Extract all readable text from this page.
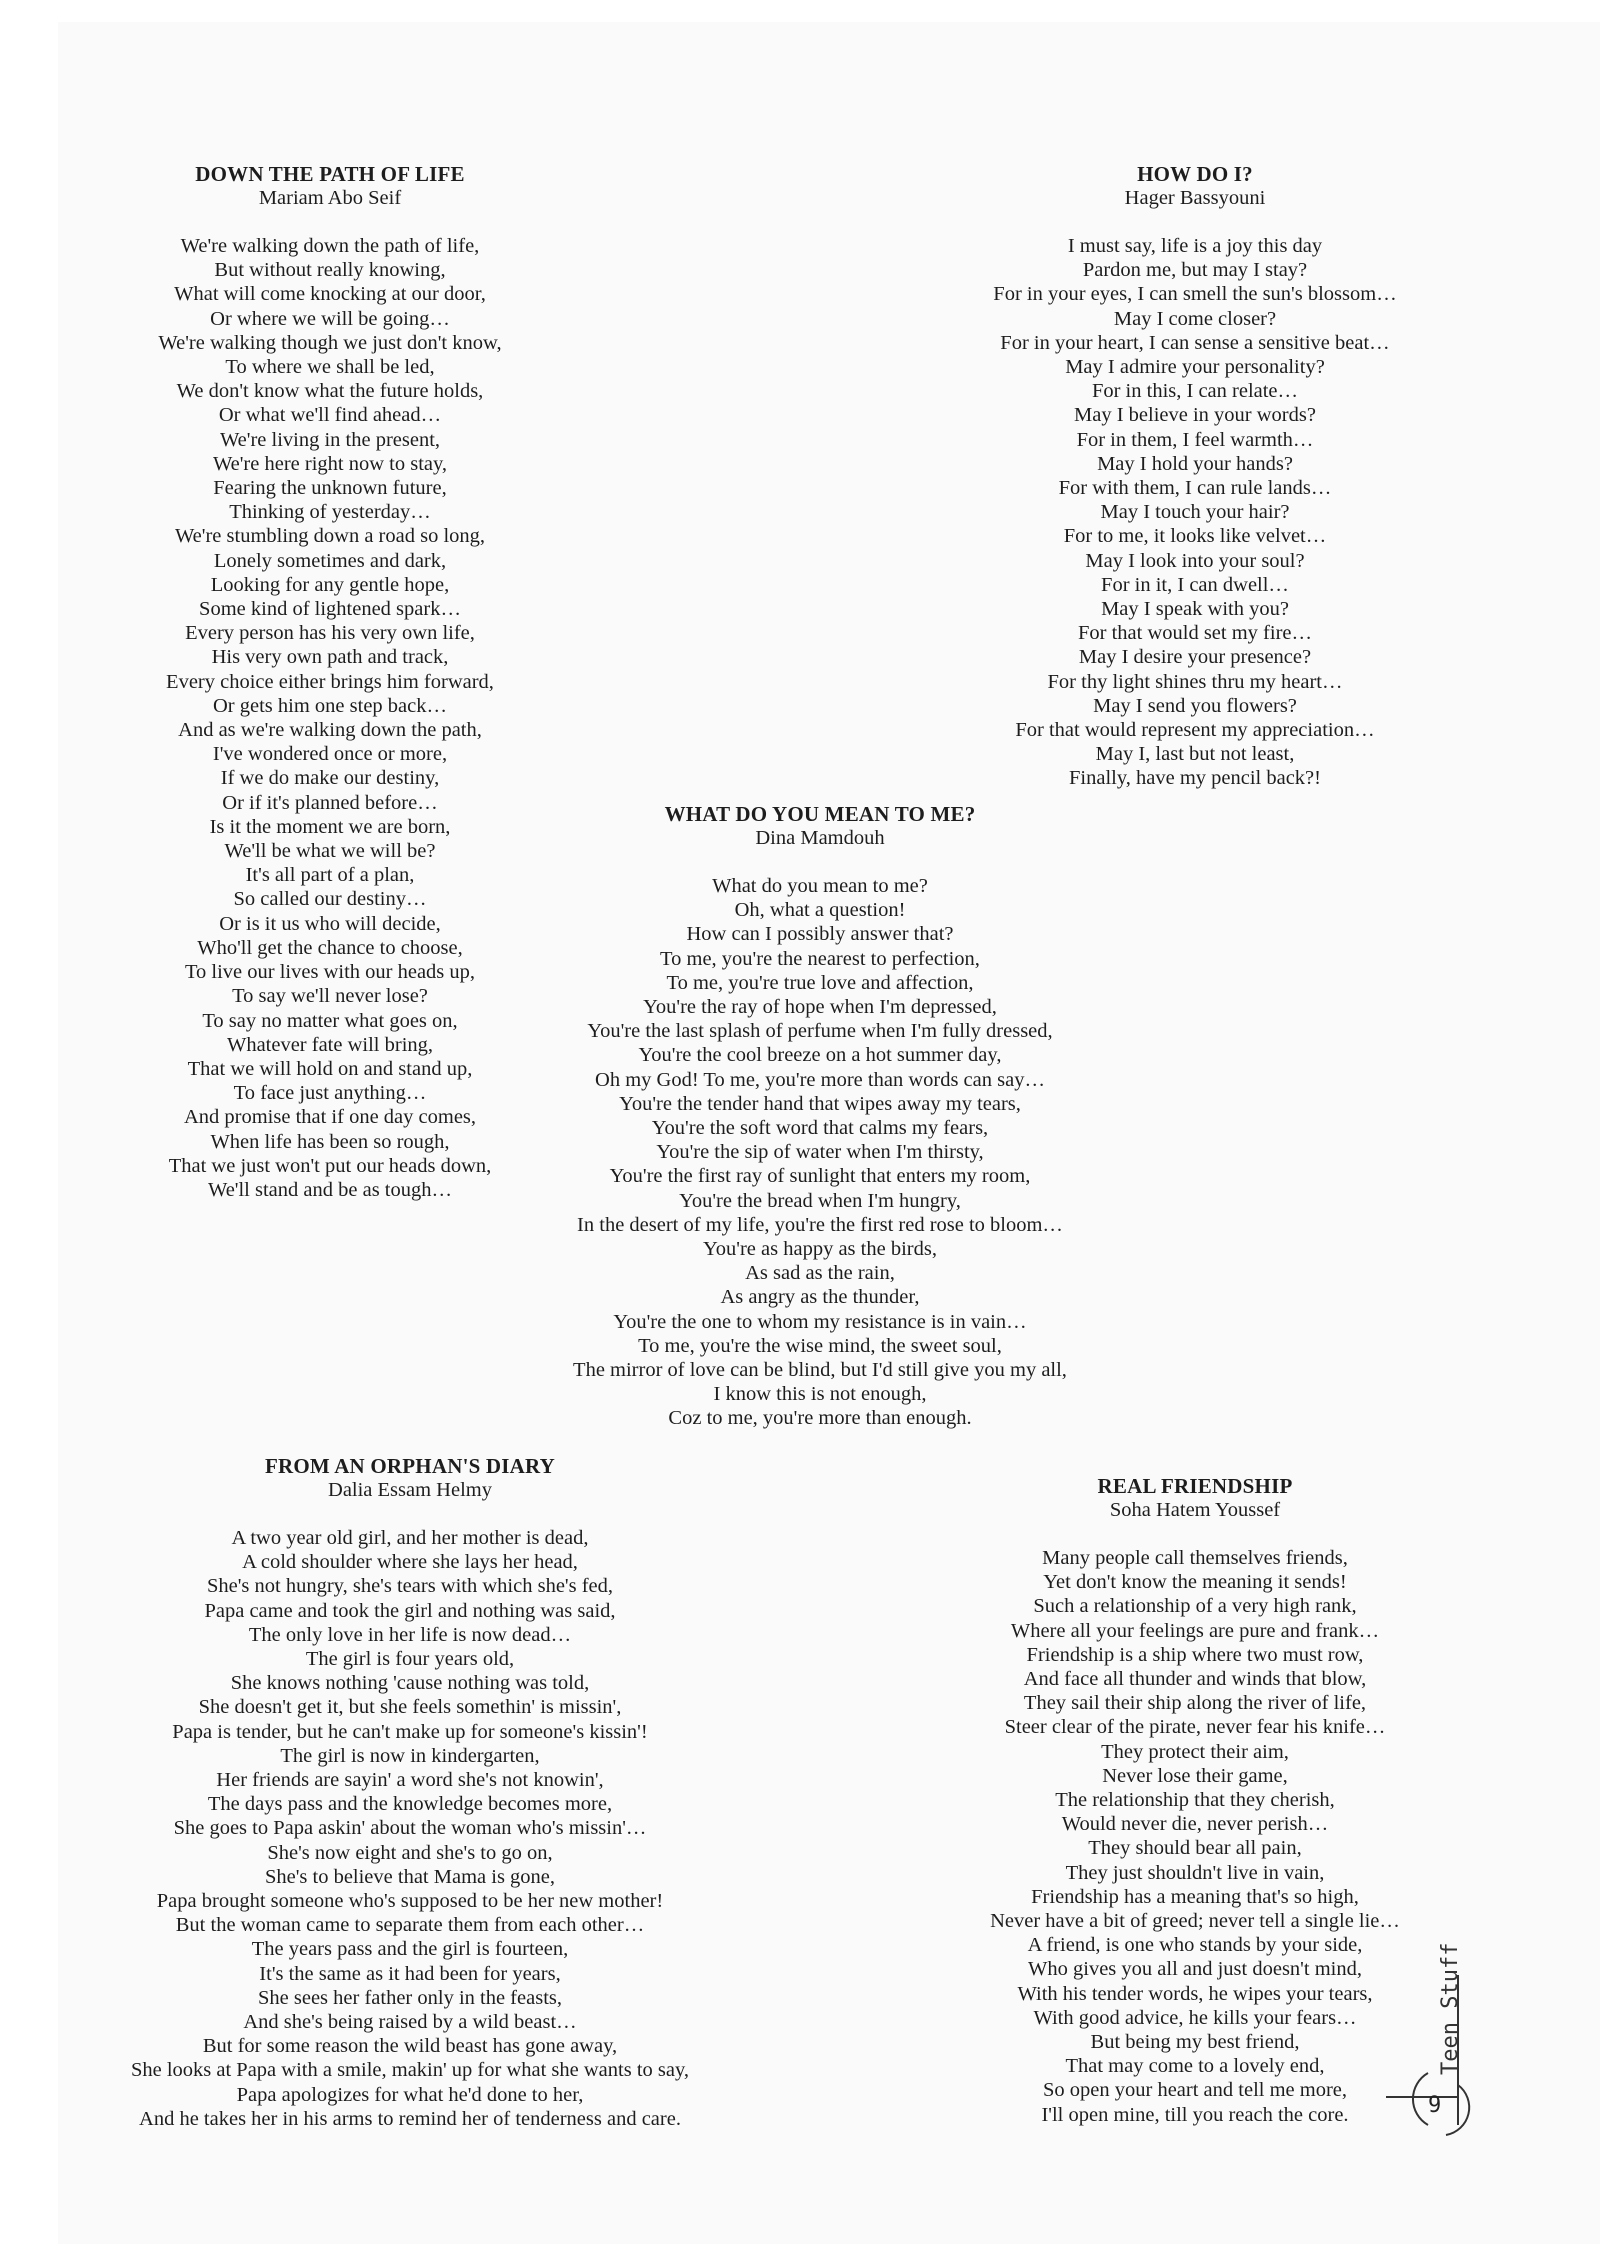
DOWN THE PATH OF LIFE

Mariam Abo Seif

We're walking down the path of life,
But without really knowing,
What will come knocking at our door,
Or where we will be going…
We're walking though we just don't know,
To where we shall be led,
We don't know what the future holds,
Or what we'll find ahead…
We're living in the present,
We're here right now to stay,
Fearing the unknown future,
Thinking of yesterday…
We're stumbling down a road so long,
Lonely sometimes and dark,
Looking for any gentle hope,
Some kind of lightened spark…
Every person has his very own life,
His very own path and track,
Every choice either brings him forward,
Or gets him one step back…
And as we're walking down the path,
I've wondered once or more,
If we do make our destiny,
Or if it's planned before…
Is it the moment we are born,
We'll be what we will be?
It's all part of a plan,
So called our destiny…
Or is it us who will decide,
Who'll get the chance to choose,
To live our lives with our heads up,
To say we'll never lose?
To say no matter what goes on,
Whatever fate will bring,
That we will hold on and stand up,
To face just anything…
And promise that if one day comes,
When life has been so rough,
That we just won't put our heads down,
We'll stand and be as tough…
HOW DO I?

Hager Bassyouni

I must say, life is a joy this day
Pardon me, but may I stay?
For in your eyes, I can smell the sun's blossom…
May I come closer?
For in your heart, I can sense a sensitive beat…
May I admire your personality?
For in this, I can relate…
May I believe in your words?
For in them, I feel warmth…
May I hold your hands?
For with them, I can rule lands…
May I touch your hair?
For to me, it looks like velvet…
May I look into your soul?
For in it, I can dwell…
May I speak with you?
For that would set my fire…
May I desire your presence?
For thy light shines thru my heart…
May I send you flowers?
For that would represent my appreciation…
May I, last but not least,
Finally, have my pencil back?!
WHAT DO YOU MEAN TO ME?

Dina Mamdouh

What do you mean to me?
Oh, what a question!
How can I possibly answer that?
To me, you're the nearest to perfection,
To me, you're true love and affection,
You're the ray of hope when I'm depressed,
You're the last splash of perfume when I'm fully dressed,
You're the cool breeze on a hot summer day,
Oh my God! To me, you're more than words can say…
You're the tender hand that wipes away my tears,
You're the soft word that calms my fears,
You're the sip of water when I'm thirsty,
You're the first ray of sunlight that enters my room,
You're the bread when I'm hungry,
In the desert of my life, you're the first red rose to bloom…
You're as happy as the birds,
As sad as the rain,
As angry as the thunder,
You're the one to whom my resistance is in vain…
To me, you're the wise mind, the sweet soul,
The mirror of love can be blind, but I'd still give you my all,
I know this is not enough,
Coz to me, you're more than enough.
FROM AN ORPHAN'S DIARY

Dalia Essam Helmy

A two year old girl, and her mother is dead,
A cold shoulder where she lays her head,
She's not hungry, she's tears with which she's fed,
Papa came and took the girl and nothing was said,
The only love in her life is now dead…
The girl is four years old,
She knows nothing 'cause nothing was told,
She doesn't get it, but she feels somethin' is missin',
Papa is tender, but he can't make up for someone's kissin'!
The girl is now in kindergarten,
Her friends are sayin' a word she's not knowin',
The days pass and the knowledge becomes more,
She goes to Papa askin' about the woman who's missin'…
She's now eight and she's to go on,
She's to believe that Mama is gone,
Papa brought someone who's supposed to be her new mother!
But the woman came to separate them from each other…
The years pass and the girl is fourteen,
It's the same as it had been for years,
She sees her father only in the feasts,
And she's being raised by a wild beast…
But for some reason the wild beast has gone away,
She looks at Papa with a smile, makin' up for what she wants to say,
Papa apologizes for what he'd done to her,
And he takes her in his arms to remind her of tenderness and care.
REAL FRIENDSHIP

Soha Hatem Youssef

Many people call themselves friends,
Yet don't know the meaning it sends!
Such a relationship of a very high rank,
Where all your feelings are pure and frank…
Friendship is a ship where two must row,
And face all thunder and winds that blow,
They sail their ship along the river of life,
Steer clear of the pirate, never fear his knife…
They protect their aim,
Never lose their game,
The relationship that they cherish,
Would never die, never perish…
They should bear all pain,
They just shouldn't live in vain,
Friendship has a meaning that's so high,
Never have a bit of greed; never tell a single lie…
A friend, is one who stands by your side,
Who gives you all and just doesn't mind,
With his tender words, he wipes your tears,
With good advice, he kills your fears…
But being my best friend,
That may come to a lovely end,
So open your heart and tell me more,
I'll open mine, till you reach the core.
Teen Stuff
9
